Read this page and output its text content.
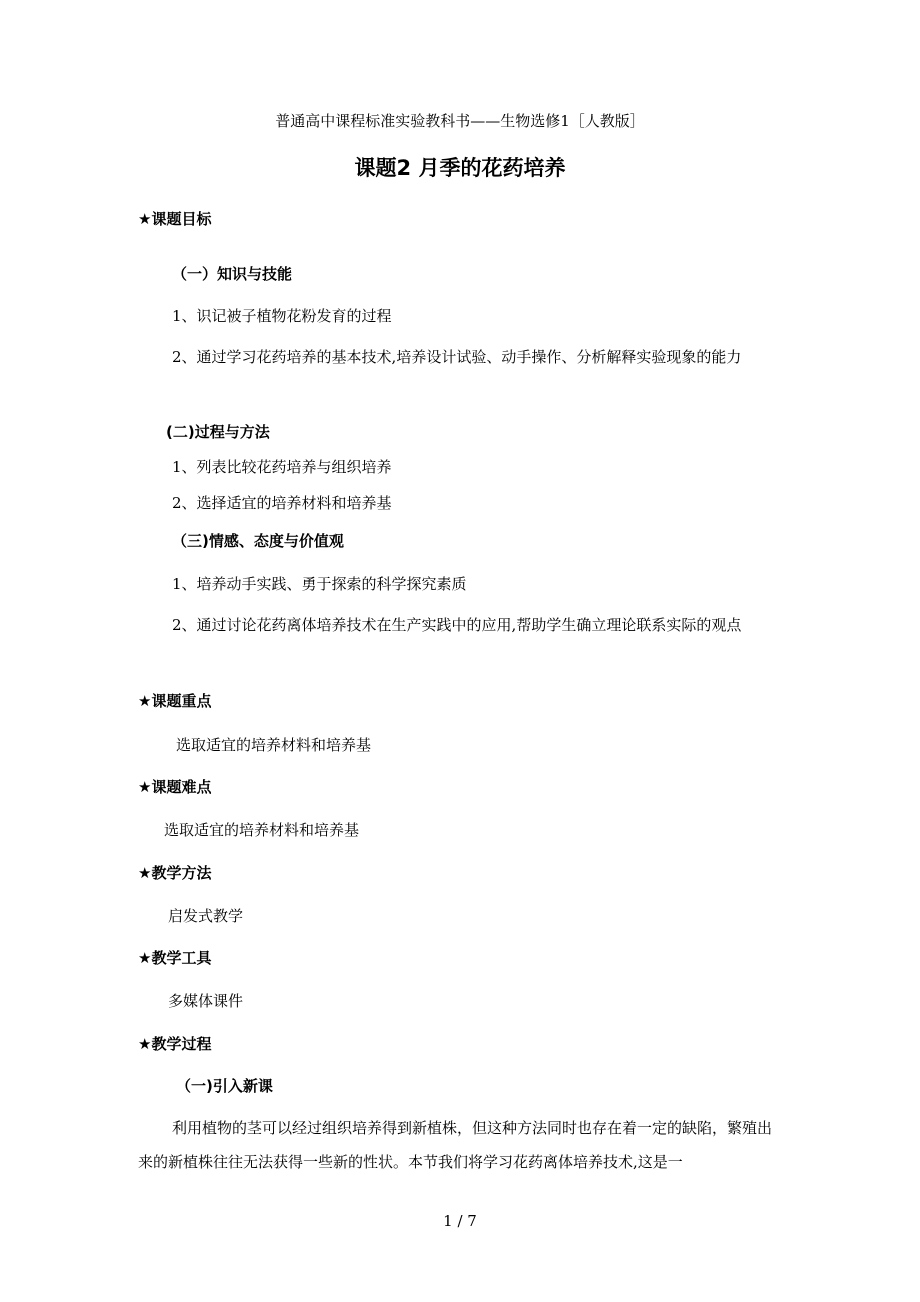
普通高中课程标准实验教科书——生物选修1［人教版］
课题2 月季的花药培养
★课题目标
（一）知识与技能
1、识记被子植物花粉发育的过程
2、通过学习花药培养的基本技术,培养设计试验、动手操作、分析解释实验现象的能力
(二)过程与方法
1、列表比较花药培养与组织培养
2、选择适宜的培养材料和培养基
（三)情感、态度与价值观
1、培养动手实践、勇于探索的科学探究素质
2、通过讨论花药离体培养技术在生产实践中的应用,帮助学生确立理论联系实际的观点
★课题重点
选取适宜的培养材料和培养基
★课题难点
选取适宜的培养材料和培养基
★教学方法
启发式教学
★教学工具
多媒体课件
★教学过程
（一)引入新课
利用植物的茎可以经过组织培养得到新植株，但这种方法同时也存在着一定的缺陷，繁殖出来的新植株往往无法获得一些新的性状。本节我们将学习花药离体培养技术,这是一
1 / 7
